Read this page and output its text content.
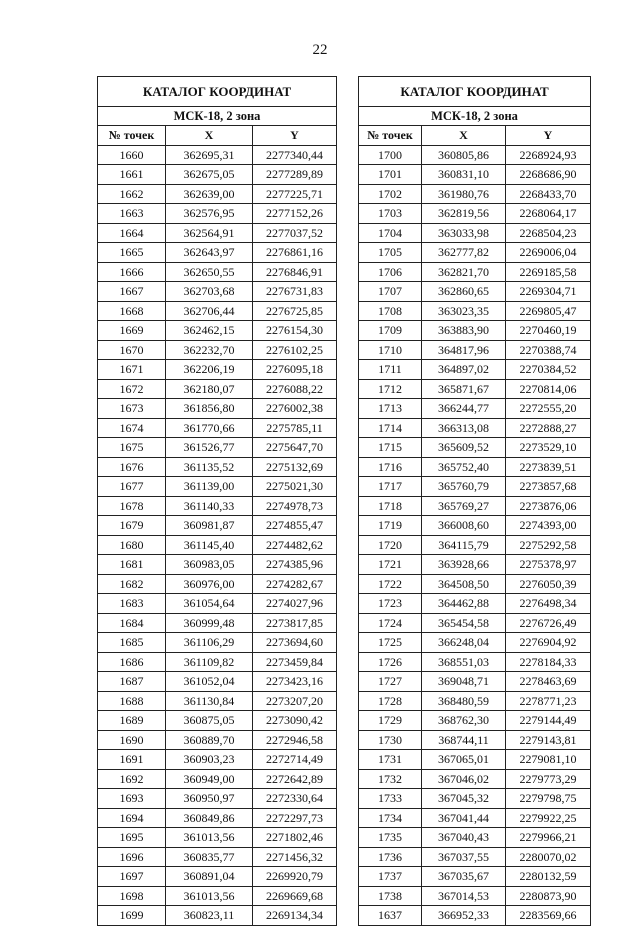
22
КАТАЛОГ КООРДИНАТ		
МСК-18, 2 зона		
№ точек	X	Y
1660	362695,31	2277340,44
1661	362675,05	2277289,89
1662	362639,00	2277225,71
1663	362576,95	2277152,26
1664	362564,91	2277037,52
1665	362643,97	2276861,16
1666	362650,55	2276846,91
1667	362703,68	2276731,83
1668	362706,44	2276725,85
1669	362462,15	2276154,30
1670	362232,70	2276102,25
1671	362206,19	2276095,18
1672	362180,07	2276088,22
1673	361856,80	2276002,38
1674	361770,66	2275785,11
1675	361526,77	2275647,70
1676	361135,52	2275132,69
1677	361139,00	2275021,30
1678	361140,33	2274978,73
1679	360981,87	2274855,47
1680	361145,40	2274482,62
1681	360983,05	2274385,96
1682	360976,00	2274282,67
1683	361054,64	2274027,96
1684	360999,48	2273817,85
1685	361106,29	2273694,60
1686	361109,82	2273459,84
1687	361052,04	2273423,16
1688	361130,84	2273207,20
1689	360875,05	2273090,42
1690	360889,70	2272946,58
1691	360903,23	2272714,49
1692	360949,00	2272642,89
1693	360950,97	2272330,64
1694	360849,86	2272297,73
1695	361013,56	2271802,46
1696	360835,77	2271456,32
1697	360891,04	2269920,79
1698	361013,56	2269669,68
1699	360823,11	2269134,34
КАТАЛОГ КООРДИНАТ		
МСК-18, 2 зона		
№ точек	X	Y
1700	360805,86	2268924,93
1701	360831,10	2268686,90
1702	361980,76	2268433,70
1703	362819,56	2268064,17
1704	363033,98	2268504,23
1705	362777,82	2269006,04
1706	362821,70	2269185,58
1707	362860,65	2269304,71
1708	363023,35	2269805,47
1709	363883,90	2270460,19
1710	364817,96	2270388,74
1711	364897,02	2270384,52
1712	365871,67	2270814,06
1713	366244,77	2272555,20
1714	366313,08	2272888,27
1715	365609,52	2273529,10
1716	365752,40	2273839,51
1717	365760,79	2273857,68
1718	365769,27	2273876,06
1719	366008,60	2274393,00
1720	364115,79	2275292,58
1721	363928,66	2275378,97
1722	364508,50	2276050,39
1723	364462,88	2276498,34
1724	365454,58	2276726,49
1725	366248,04	2276904,92
1726	368551,03	2278184,33
1727	369048,71	2278463,69
1728	368480,59	2278771,23
1729	368762,30	2279144,49
1730	368744,11	2279143,81
1731	367065,01	2279081,10
1732	367046,02	2279773,29
1733	367045,32	2279798,75
1734	367041,44	2279922,25
1735	367040,43	2279966,21
1736	367037,55	2280070,02
1737	367035,67	2280132,59
1738	367014,53	2280873,90
1637	366952,33	2283569,66
